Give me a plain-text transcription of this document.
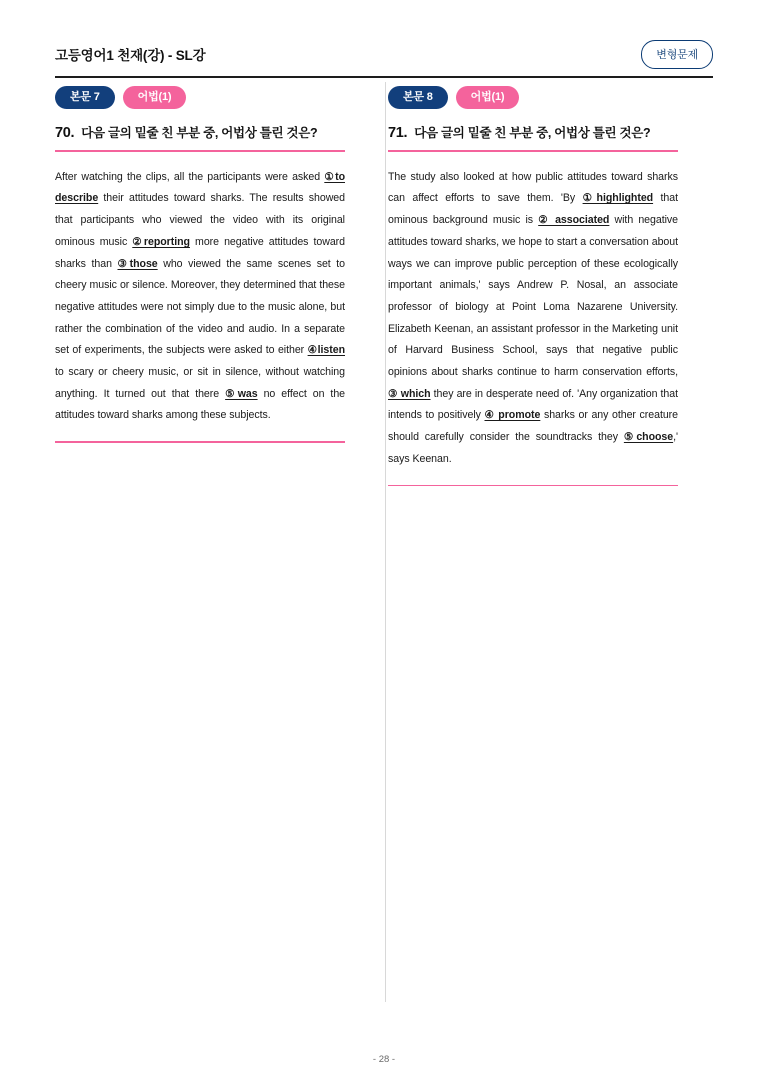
고등영어1 천재(강) - SL강	변형문제
본문 7	어법(1)
70. 다음 글의 밑줄 친 부분 중, 어법상 틀린 것은?
After watching the clips, all the participants were asked ①to describe their attitudes toward sharks. The results showed that participants who viewed the video with its original ominous music ②reporting more negative attitudes toward sharks than ③those who viewed the same scenes set to cheery music or silence. Moreover, they determined that these negative attitudes were not simply due to the music alone, but rather the combination of the video and audio. In a separate set of experiments, the subjects were asked to either ④listen to scary or cheery music, or sit in silence, without watching anything. It turned out that there ⑤was no effect on the attitudes toward sharks among these subjects.
본문 8	어법(1)
71. 다음 글의 밑줄 친 부분 중, 어법상 틀린 것은?
The study also looked at how public attitudes toward sharks can affect efforts to save them. 'By ①highlighted that ominous background music is ② associated with negative attitudes toward sharks, we hope to start a conversation about ways we can improve public perception of these ecologically important animals,' says Andrew P. Nosal, an associate professor of biology at Point Loma Nazarene University. Elizabeth Keenan, an assistant professor in the Marketing unit of Harvard Business School, says that negative public opinions about sharks continue to harm conservation efforts, ③ which they are in desperate need of. 'Any organization that intends to positively ④ promote sharks or any other creature should carefully consider the soundtracks they ⑤choose,' says Keenan.
- 28 -
